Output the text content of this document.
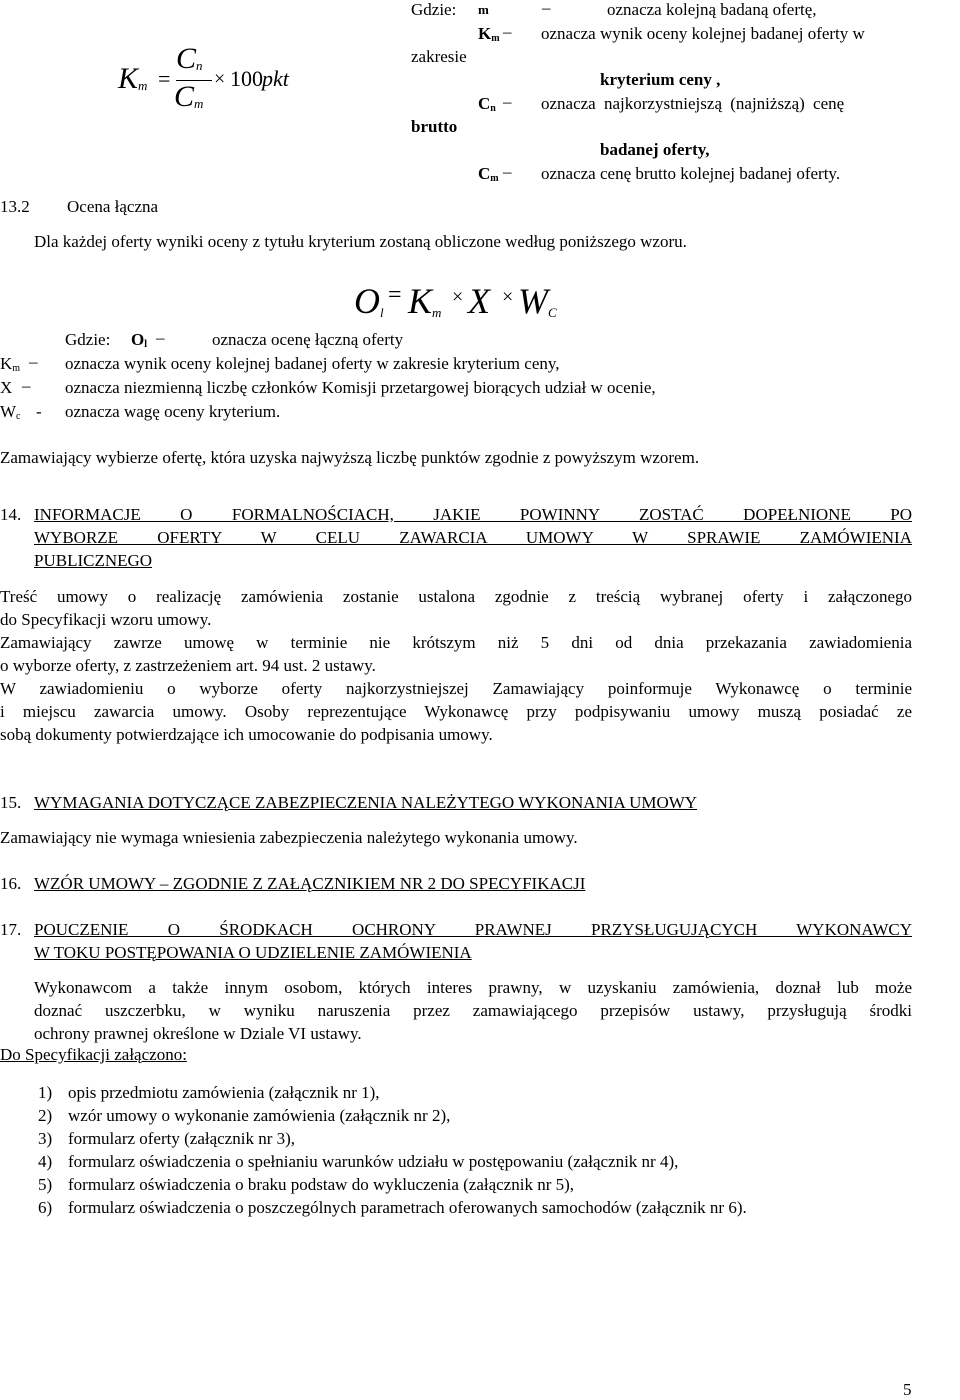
$K_m$ =
$C_n$
$C_m$
× 100 pkt
Gdzie: m	–	oznacza kolejną badaną ofertę,
$K_m$ – oznacza wynik oceny kolejnej badanej oferty w
zakresie
kryterium ceny ,
$C_n$ – oznacza najkorzystniejszą (najniższą) cenę
brutto
badanej oferty,
$C_m$ – oznacza cenę brutto kolejnej badanej oferty.
13.2 Ocena łączna
Dla każdej oferty wyniki oceny z tytułu kryterium zostaną obliczone według poniższego wzoru.
$O_l$
= $K_m$
× $X \times W_C$
Gdzie: $O_l$ –	oznacza ocenę łączną oferty
$K_m$ – oznacza wynik oceny kolejnej badanej oferty w zakresie kryterium ceny,
X – oznacza niezmienną liczbę członków Komisji przetargowej biorących udział w ocenie,
$W_c$ - oznacza wagę oceny kryterium.
Zamawiający wybierze ofertę, która uzyska najwyższą liczbę punktów zgodnie z powyższym wzorem.
14. INFORMACJE O FORMALNOŚCIACH, JAKIE POWINNY ZOSTAĆ DOPEŁNIONE PO
WYBORZE OFERTY W CELU ZAWARCIA UMOWY W SPRAWIE ZAMÓWIENIA
PUBLICZNEGO
Treść umowy o realizację zamówienia zostanie ustalona zgodnie z treścią wybranej oferty i załączonego
do Specyfikacji wzoru umowy.
Zamawiający zawrze umowę w terminie nie krótszym niż 5 dni od dnia przekazania zawiadomienia
o wyborze oferty, z zastrzeżeniem art. 94 ust. 2 ustawy.
W zawiadomieniu o wyborze oferty najkorzystniejszej Zamawiający poinformuje Wykonawcę o terminie
i miejscu zawarcia umowy. Osoby reprezentujące Wykonawcę przy podpisywaniu umowy muszą posiadać ze
sobą dokumenty potwierdzające ich umocowanie do podpisania umowy.
15. WYMAGANIA DOTYCZĄCE ZABEZPIECZENIA NALEŻYTEGO WYKONANIA UMOWY
Zamawiający nie wymaga wniesienia zabezpieczenia należytego wykonania umowy.
16. WZÓR UMOWY – ZGODNIE Z ZAŁĄCZNIKIEM NR 2 DO SPECYFIKACJI
17. POUCZENIE O ŚRODKACH OCHRONY PRAWNEJ PRZYSŁUGUJĄCYCH WYKONAWCY
W TOKU POSTĘPOWANIA O UDZIELENIE ZAMÓWIENIA
Wykonawcom a także innym osobom, których interes prawny, w uzyskaniu zamówienia, doznał lub może
doznać uszczerbku, w wyniku naruszenia przez zamawiającego przepisów ustawy, przysługują środki
ochrony prawnej określone w Dziale VI ustawy.
Do Specyfikacji załączono:
1) opis przedmiotu zamówienia (załącznik nr 1),
2) wzór umowy o wykonanie zamówienia (załącznik nr 2),
3) formularz oferty (załącznik nr 3),
4) formularz oświadczenia o spełnianiu warunków udziału w postępowaniu (załącznik nr 4),
5) formularz oświadczenia o braku podstaw do wykluczenia (załącznik nr 5),
6) formularz oświadczenia o poszczególnych parametrach oferowanych samochodów (załącznik nr 6).
5
